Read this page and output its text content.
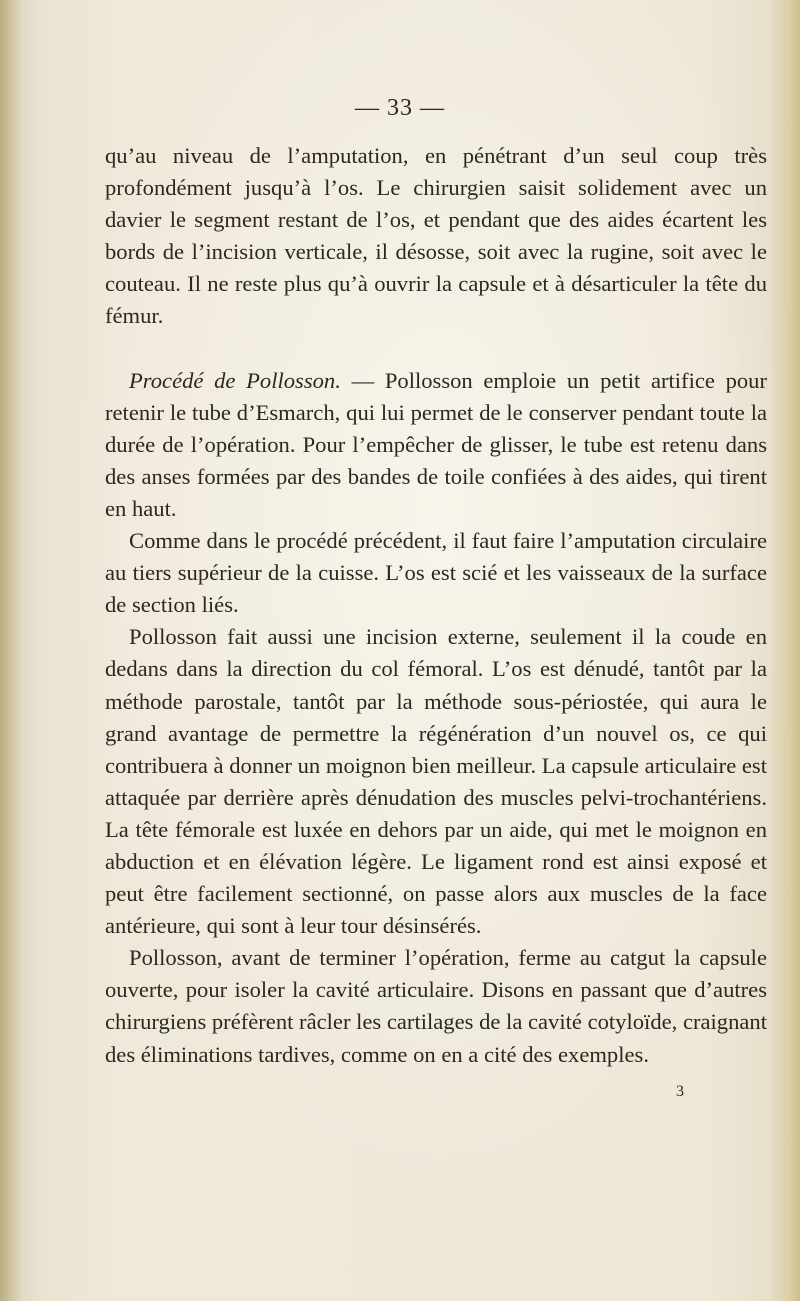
— 33 —

qu’au niveau de l’amputation, en pénétrant d’un seul coup très profondément jusqu’à l’os. Le chirurgien saisit solidement avec un davier le segment restant de l’os, et pendant que des aides écartent les bords de l’incision verticale, il désosse, soit avec la rugine, soit avec le couteau. Il ne reste plus qu’à ouvrir la capsule et à désarticuler la tête du fémur.

Procédé de Pollosson. — Pollosson emploie un petit artifice pour retenir le tube d’Esmarch, qui lui permet de le conserver pendant toute la durée de l’opération. Pour l’empêcher de glisser, le tube est retenu dans des anses formées par des bandes de toile confiées à des aides, qui tirent en haut.

Comme dans le procédé précédent, il faut faire l’amputation circulaire au tiers supérieur de la cuisse. L’os est scié et les vaisseaux de la surface de section liés.

Pollosson fait aussi une incision externe, seulement il la coude en dedans dans la direction du col fémoral. L’os est dénudé, tantôt par la méthode parostale, tantôt par la méthode sous-périostée, qui aura le grand avantage de permettre la régénération d’un nouvel os, ce qui contribuera à donner un moignon bien meilleur. La capsule articulaire est attaquée par derrière après dénudation des muscles pelvi-trochantériens. La tête fémorale est luxée en dehors par un aide, qui met le moignon en abduction et en élévation légère. Le ligament rond est ainsi exposé et peut être facilement sectionné, on passe alors aux muscles de la face antérieure, qui sont à leur tour désinsérés.

Pollosson, avant de terminer l’opération, ferme au catgut la capsule ouverte, pour isoler la cavité articulaire. Disons en passant que d’autres chirurgiens préfèrent râcler les cartilages de la cavité cotyloïde, craignant des éliminations tardives, comme on en a cité des exemples.

3
